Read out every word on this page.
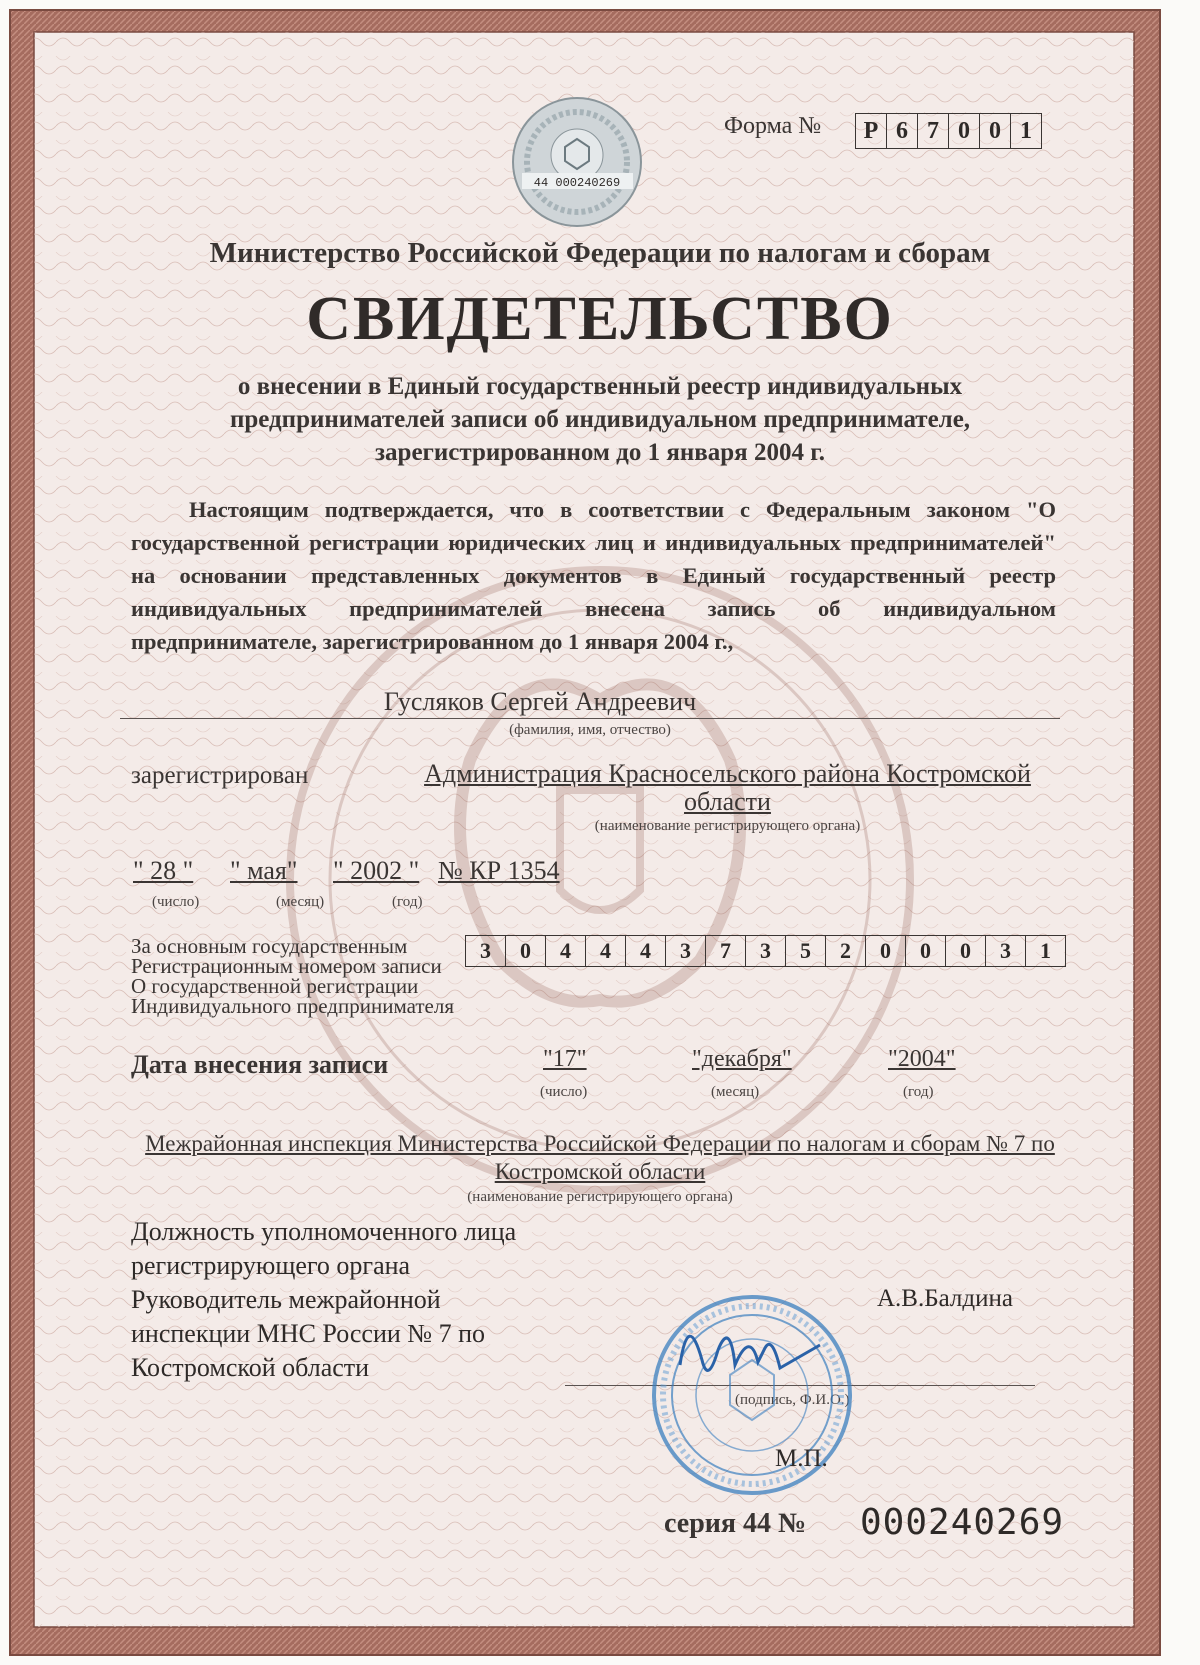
44 000240269
Форма №	Р 6 7 0 0 1
Министерство Российской Федерации по налогам и сборам
СВИДЕТЕЛЬСТВО
о внесении в Единый государственный реестр индивидуальных предпринимателей записи об индивидуальном предпринимателе, зарегистрированном до 1 января 2004 г.

Настоящим подтверждается, что в соответствии с Федеральным законом "О государственной регистрации юридических лиц и индивидуальных предпринимателей" на основании представленных документов в Единый государственный реестр индивидуальных предпринимателей внесена запись об индивидуальном предпринимателе, зарегистрированном до 1 января 2004 г.,

Гусляков Сергей Андреевич
(фамилия, имя, отчество)
зарегистрирован	Администрация Красносельского района Костромской области
(наименование регистрирующего органа)
" 28 " " мая" " 2002 " № КР 1354
(число)	(месяц)	(год)
За основным государственным
Регистрационным номером записи
О государственной регистрации
Индивидуального предпринимателя
3	0	4	4	4	3	7	3	5	2	0	0	0	3	1
Дата внесения записи	"17"	"декабря"	"2004"
(число)	(месяц)	(год)
Межрайонная инспекция Министерства Российской Федерации по налогам и сборам № 7 по Костромской области
(наименование регистрирующего органа)
Должность уполномоченного лица
регистрирующего органа
Руководитель межрайонной
инспекции МНС России № 7 по
Костромской области
А.В.Балдина
(подпись, Ф.И.О.)
М.П.
серия 44 № 000240269
